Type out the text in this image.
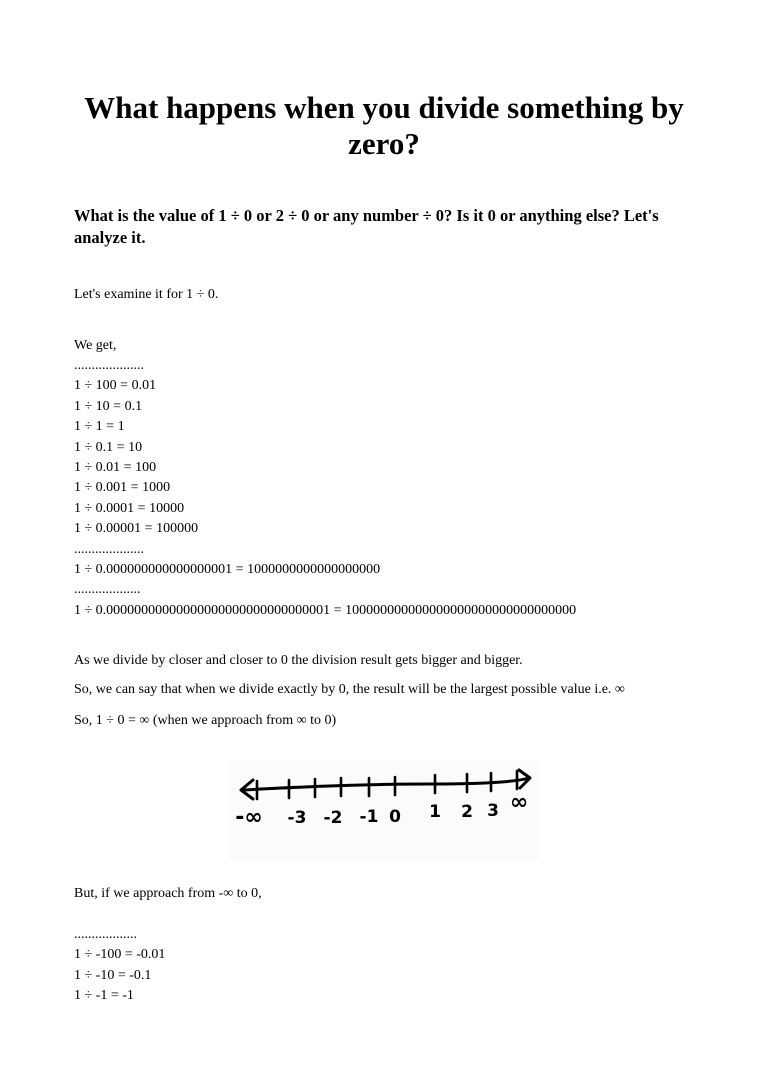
What happens when you divide something by zero?
What is the value of 1 ÷ 0 or 2 ÷ 0 or any number ÷ 0? Is it 0 or anything else? Let's analyze it.
Let's examine it for 1 ÷ 0.
We get,
....................
1 ÷ 100 = 0.01
1 ÷ 10 = 0.1
1 ÷ 1 = 1
1 ÷ 0.1 = 10
1 ÷ 0.01 = 100
1 ÷ 0.001 = 1000
1 ÷ 0.0001 = 10000
1 ÷ 0.00001 = 100000
....................
1 ÷ 0.000000000000000001 = 1000000000000000000
...................
1 ÷ 0.00000000000000000000000000000001 = 100000000000000000000000000000000
As we divide by closer and closer to 0 the division result gets bigger and bigger.
So, we can say that when we divide exactly by 0, the result will be the largest possible value i.e. ∞
So, 1 ÷ 0 = ∞ (when we approach from ∞ to 0)
-∞ -3 -2 -1 0 1 2 3 ∞
But, if we approach from -∞ to 0,
..................
1 ÷ -100 = -0.01
1 ÷ -10 = -0.1
1 ÷ -1 = -1
